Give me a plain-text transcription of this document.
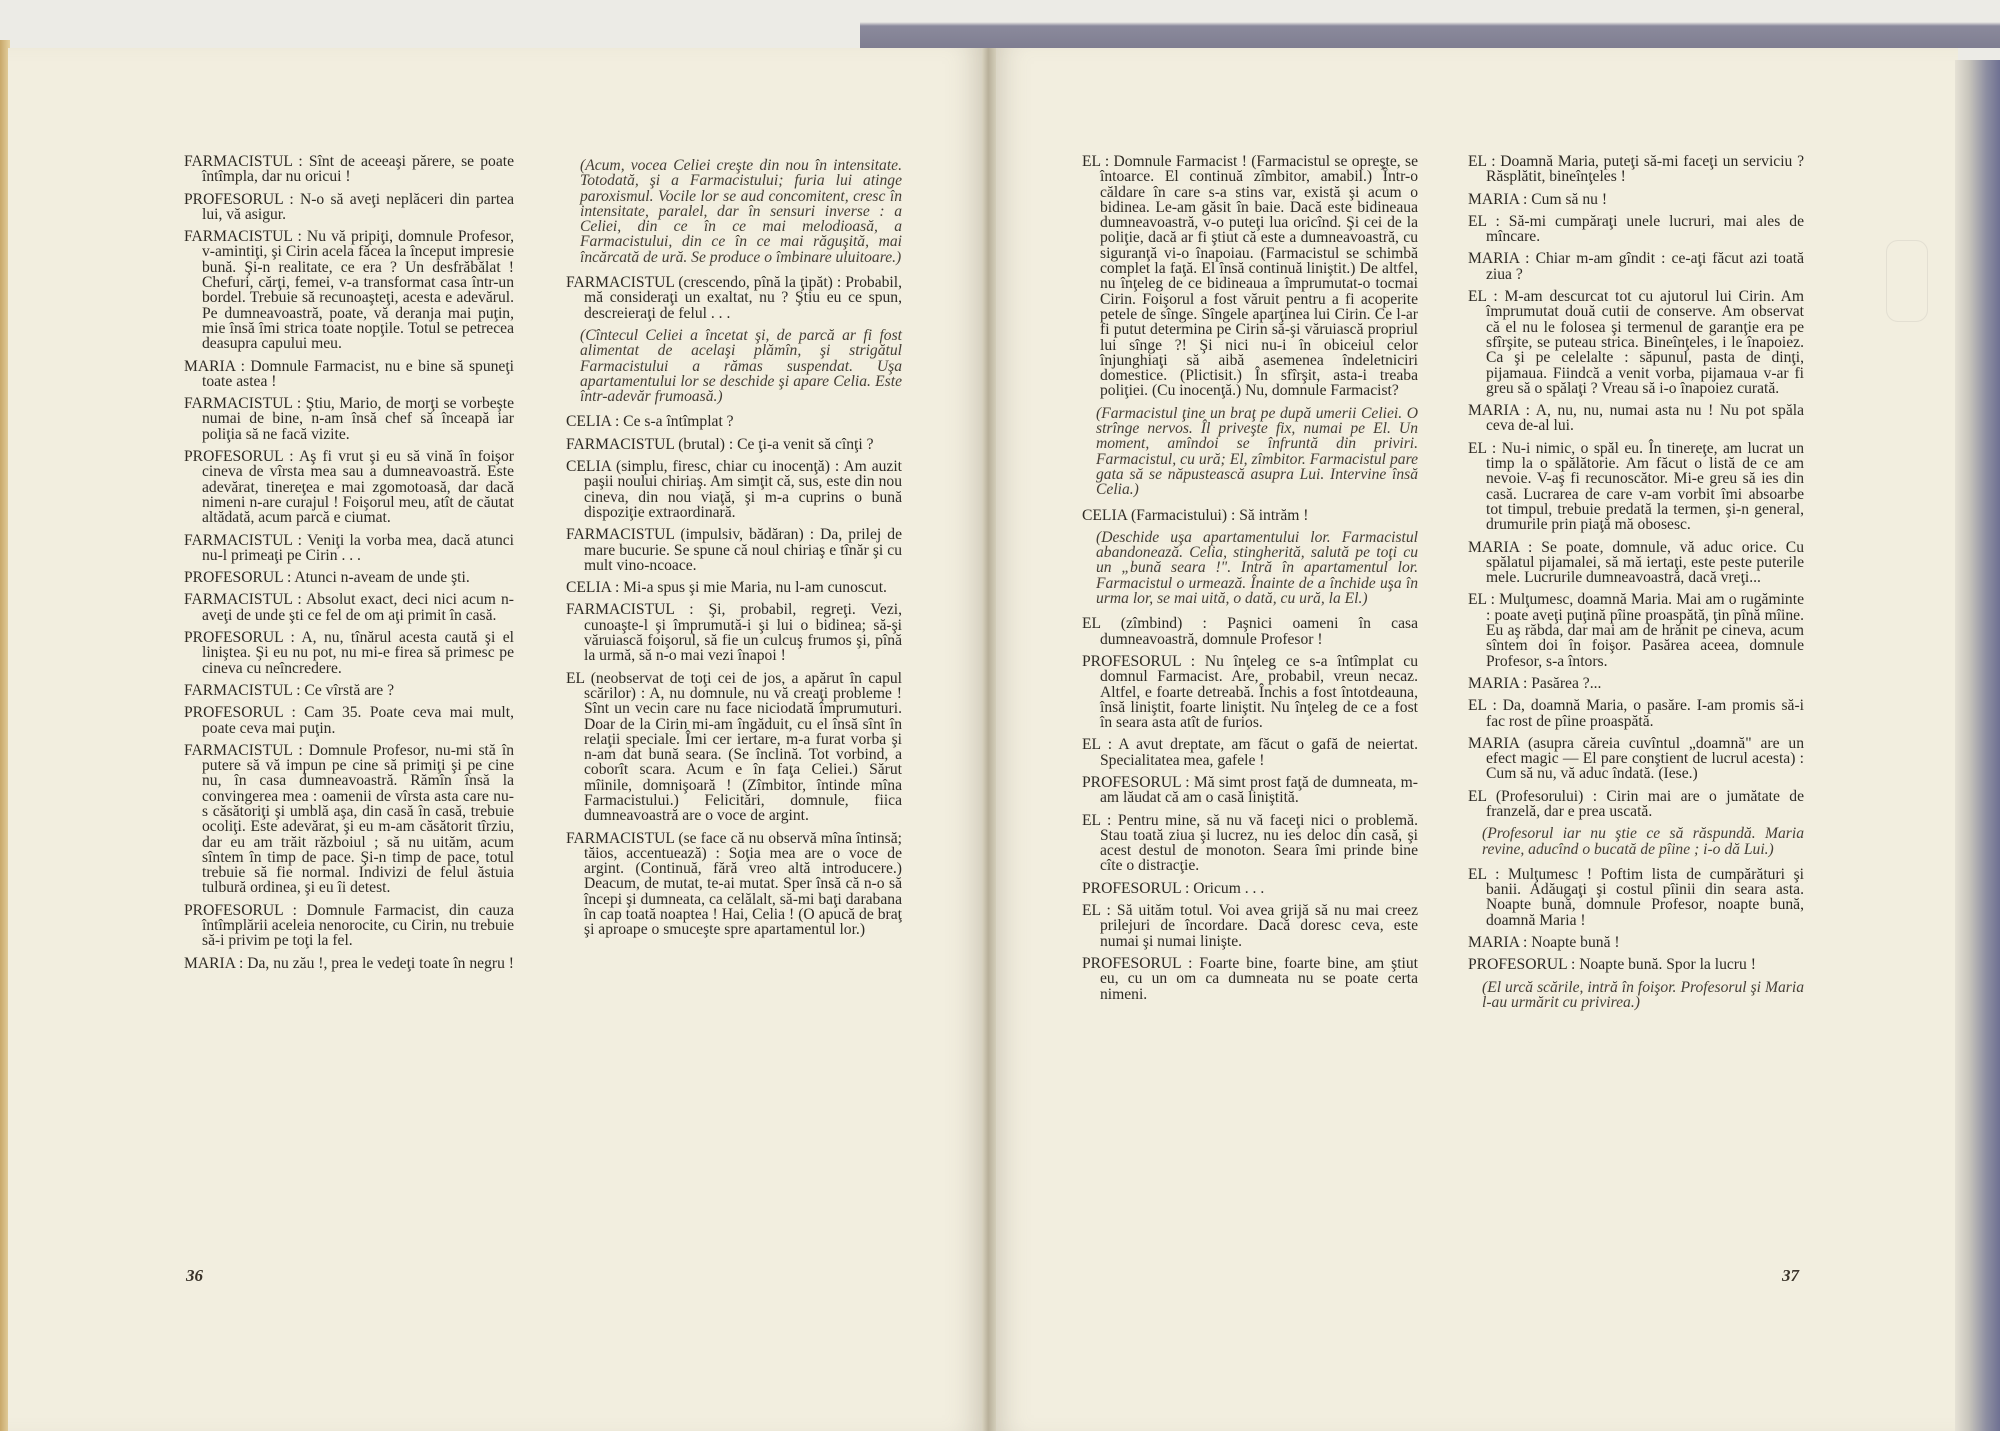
FARMACISTUL : Sînt de aceeaşi părere, se poate întîmpla, dar nu oricui !

PROFESORUL : N-o să aveţi neplăceri din partea lui, vă asigur.

FARMACISTUL : Nu vă pripiţi, domnule Profesor, v-amintiţi, şi Cirin acela făcea la început impresie bună. Şi-n realitate, ce era ? Un desfrăbălat ! Chefuri, cărţi, femei, v-a transformat casa într-un bordel. Trebuie să recunoaşteţi, acesta e adevărul. Pe dumneavoastră, poate, vă deranja mai puţin, mie însă îmi strica toate nopţile. Totul se petrecea deasupra capului meu.

MARIA : Domnule Farmacist, nu e bine să spuneţi toate astea !

FARMACISTUL : Ştiu, Mario, de morţi se vorbeşte numai de bine, n-am însă chef să înceapă iar poliţia să ne facă vizite.

PROFESORUL : Aş fi vrut şi eu să vină în foişor cineva de vîrsta mea sau a dumneavoastră. Este adevărat, tinereţea e mai zgomotoasă, dar dacă nimeni n-are curajul ! Foişorul meu, atît de căutat altădată, acum parcă e ciumat.

FARMACISTUL : Veniţi la vorba mea, dacă atunci nu-l primeaţi pe Cirin . . .

PROFESORUL : Atunci n-aveam de unde şti.

FARMACISTUL : Absolut exact, deci nici acum n-aveţi de unde şti ce fel de om aţi primit în casă.

PROFESORUL : A, nu, tînărul acesta caută şi el liniştea. Şi eu nu pot, nu mi-e firea să primesc pe cineva cu neîncredere.

FARMACISTUL : Ce vîrstă are ?

PROFESORUL : Cam 35. Poate ceva mai mult, poate ceva mai puţin.

FARMACISTUL : Domnule Profesor, nu-mi stă în putere să vă impun pe cine să primiţi şi pe cine nu, în casa dumneavoastră. Rămîn însă la convingerea mea : oamenii de vîrsta asta care nu-s căsătoriţi şi umblă aşa, din casă în casă, trebuie ocoliţi. Este adevărat, şi eu m-am căsătorit tîrziu, dar eu am trăit războiul ; să nu uităm, acum sîntem în timp de pace. Şi-n timp de pace, totul trebuie să fie normal. Indivizi de felul ăstuia tulbură ordinea, şi eu îi detest.

PROFESORUL : Domnule Farmacist, din cauza întîmplării aceleia nenorocite, cu Cirin, nu trebuie să-i privim pe toţi la fel.

MARIA : Da, nu zău !, prea le vedeţi toate în negru !

(Acum, vocea Celiei creşte din nou în intensitate. Totodată, şi a Farmacistului; furia lui atinge paroxismul. Vocile lor se aud concomitent, cresc în intensitate, paralel, dar în sensuri inverse : a Celiei, din ce în ce mai melodioasă, a Farmacistului, din ce în ce mai răguşită, mai încărcată de ură. Se produce o îmbinare uluitoare.)

FARMACISTUL (crescendo, pînă la ţipăt) : Probabil, mă consideraţi un exaltat, nu ? Ştiu eu ce spun, descreieraţi de felul . . .

(Cîntecul Celiei a încetat şi, de parcă ar fi fost alimentat de acelaşi plămîn, şi strigătul Farmacistului a rămas suspendat. Uşa apartamentului lor se deschide şi apare Celia. Este într-adevăr frumoasă.)

CELIA : Ce s-a întîmplat ?

FARMACISTUL (brutal) : Ce ţi-a venit să cînţi ?

CELIA (simplu, firesc, chiar cu inocenţă) : Am auzit paşii noului chiriaş. Am simţit că, sus, este din nou cineva, din nou viaţă, şi m-a cuprins o bună dispoziţie extraordinară.

FARMACISTUL (impulsiv, bădăran) : Da, prilej de mare bucurie. Se spune că noul chiriaş e tînăr şi cu mult vino-ncoace.

CELIA : Mi-a spus şi mie Maria, nu l-am cunoscut.

FARMACISTUL : Şi, probabil, regreţi. Vezi, cunoaşte-l şi împrumută-i şi lui o bidinea; să-şi văruiască foişorul, să fie un culcuş frumos şi, pînă la urmă, să n-o mai vezi înapoi !

EL (neobservat de toţi cei de jos, a apărut în capul scărilor) : A, nu domnule, nu vă creaţi probleme ! Sînt un vecin care nu face niciodată împrumuturi. Doar de la Cirin mi-am îngăduit, cu el însă sînt în relaţii speciale. Îmi cer iertare, m-a furat vorba şi n-am dat bună seara. (Se înclină. Tot vorbind, a coborît scara. Acum e în faţa Celiei.) Sărut mîinile, domnişoară ! (Zîmbitor, întinde mîna Farmacistului.) Felicitări, domnule, fiica dumneavoastră are o voce de argint.

FARMACISTUL (se face că nu observă mîna întinsă; tăios, accentuează) : Soţia mea are o voce de argint. (Continuă, fără vreo altă introducere.) Deacum, de mutat, te-ai mutat. Sper însă că n-o să începi şi dumneata, ca celălalt, să-mi baţi darabana în cap toată noaptea ! Hai, Celia ! (O apucă de braţ şi aproape o smuceşte spre apartamentul lor.)

EL : Domnule Farmacist ! (Farmacistul se opreşte, se întoarce. El continuă zîmbitor, amabil.) Într-o căldare în care s-a stins var, există şi acum o bidinea. Le-am găsit în baie. Dacă este bidineaua dumneavoastră, v-o puteţi lua oricînd. Şi cei de la poliţie, dacă ar fi ştiut că este a dumneavoastră, cu siguranţă vi-o înapoiau. (Farmacistul se schimbă complet la faţă. El însă continuă liniştit.) De altfel, nu înţeleg de ce bidineaua a împrumutat-o tocmai Cirin. Foişorul a fost văruit pentru a fi acoperite petele de sînge. Sîngele aparţinea lui Cirin. Ce l-ar fi putut determina pe Cirin să-şi văruiască propriul lui sînge ?! Şi nici nu-i în obiceiul celor înjunghiaţi să aibă asemenea îndeletniciri domestice. (Plictisit.) În sfîrşit, asta-i treaba poliţiei. (Cu inocenţă.) Nu, domnule Farmacist?

(Farmacistul ţine un braţ pe după umerii Celiei. O strînge nervos. Îl priveşte fix, numai pe El. Un moment, amîndoi se înfruntă din priviri. Farmacistul, cu ură; El, zîmbitor. Farmacistul pare gata să se năpustească asupra Lui. Intervine însă Celia.)

CELIA (Farmacistului) : Să intrăm !

(Deschide uşa apartamentului lor. Farmacistul abandonează. Celia, stingherită, salută pe toţi cu un „bună seara !". Intră în apartamentul lor. Farmacistul o urmează. Înainte de a închide uşa în urma lor, se mai uită, o dată, cu ură, la El.)

EL (zîmbind) : Paşnici oameni în casa dumneavoastră, domnule Profesor !

PROFESORUL : Nu înţeleg ce s-a întîmplat cu domnul Farmacist. Are, probabil, vreun necaz. Altfel, e foarte detreabă. Închis a fost întotdeauna, însă liniştit, foarte liniştit. Nu înţeleg de ce a fost în seara asta atît de furios.

EL : A avut dreptate, am făcut o gafă de neiertat. Specialitatea mea, gafele !

PROFESORUL : Mă simt prost faţă de dumneata, m-am lăudat că am o casă liniştită.

EL : Pentru mine, să nu vă faceţi nici o problemă. Stau toată ziua şi lucrez, nu ies deloc din casă, şi acest destul de monoton. Seara îmi prinde bine cîte o distracţie.

PROFESORUL : Oricum . . .

EL : Să uităm totul. Voi avea grijă să nu mai creez prilejuri de încordare. Dacă doresc ceva, este numai şi numai linişte.

PROFESORUL : Foarte bine, foarte bine, am ştiut eu, cu un om ca dumneata nu se poate certa nimeni.

EL : Doamnă Maria, puteţi să-mi faceţi un serviciu ? Răsplătit, bineînţeles !

MARIA : Cum să nu !

EL : Să-mi cumpăraţi unele lucruri, mai ales de mîncare.

MARIA : Chiar m-am gîndit : ce-aţi făcut azi toată ziua ?

EL : M-am descurcat tot cu ajutorul lui Cirin. Am împrumutat două cutii de conserve. Am observat că el nu le folosea şi termenul de garanţie era pe sfîrşite, se puteau strica. Bineînţeles, i le înapoiez. Ca şi pe celelalte : săpunul, pasta de dinţi, pijamaua. Fiindcă a venit vorba, pijamaua v-ar fi greu să o spălaţi ? Vreau să i-o înapoiez curată.

MARIA : A, nu, nu, numai asta nu ! Nu pot spăla ceva de-al lui.

EL : Nu-i nimic, o spăl eu. În tinereţe, am lucrat un timp la o spălătorie. Am făcut o listă de ce am nevoie. V-aş fi recunoscător. Mi-e greu să ies din casă. Lucrarea de care v-am vorbit îmi absoarbe tot timpul, trebuie predată la termen, şi-n general, drumurile prin piaţă mă obosesc.

MARIA : Se poate, domnule, vă aduc orice. Cu spălatul pijamalei, să mă iertaţi, este peste puterile mele. Lucrurile dumneavoastră, dacă vreţi...

EL : Mulţumesc, doamnă Maria. Mai am o rugăminte : poate aveţi puţină pîine proaspătă, ţin pînă mîine. Eu aş răbda, dar mai am de hrănit pe cineva, acum sîntem doi în foişor. Pasărea aceea, domnule Profesor, s-a întors.

MARIA : Pasărea ?...

EL : Da, doamnă Maria, o pasăre. I-am promis să-i fac rost de pîine proaspătă.

MARIA (asupra căreia cuvîntul „doamnă" are un efect magic — El pare conştient de lucrul acesta) : Cum să nu, vă aduc îndată. (Iese.)

EL (Profesorului) : Cirin mai are o jumătate de franzelă, dar e prea uscată.

(Profesorul iar nu ştie ce să răspundă. Maria revine, aducînd o bucată de pîine ; i-o dă Lui.)

EL : Mulţumesc ! Poftim lista de cumpărături şi banii. Adăugaţi şi costul pîinii din seara asta. Noapte bună, domnule Profesor, noapte bună, doamnă Maria !

MARIA : Noapte bună !

PROFESORUL : Noapte bună. Spor la lucru !

(El urcă scările, intră în foişor. Profesorul şi Maria l-au urmărit cu privirea.)

36	37
